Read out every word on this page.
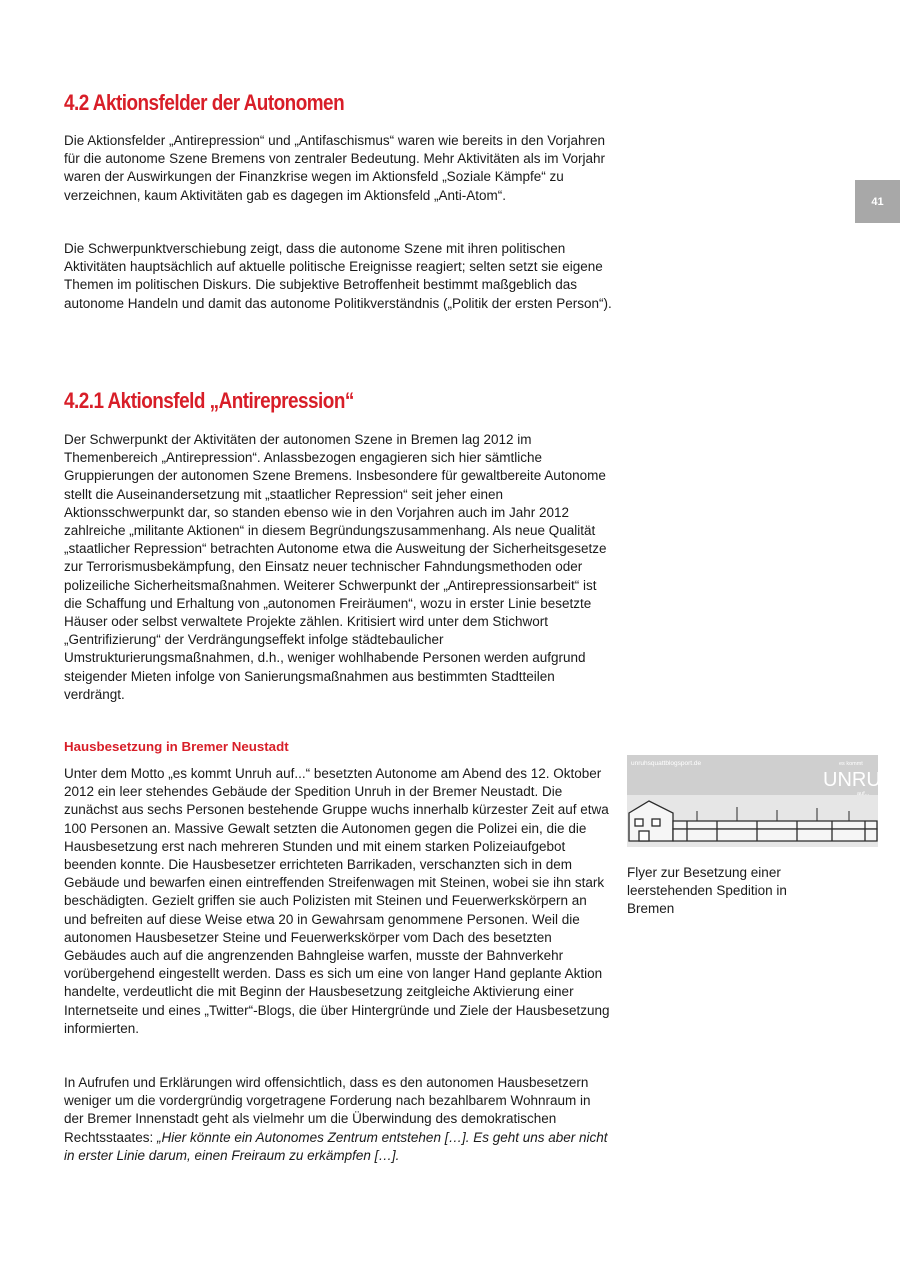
41
4.2 Aktionsfelder der Autonomen

Die Aktionsfelder „Antirepression“ und „Antifaschismus“ waren wie bereits in den Vorjahren für die autonome Szene Bremens von zentraler Bedeutung. Mehr Aktivitäten als im Vorjahr waren der Auswirkungen der Finanzkrise wegen im Aktionsfeld „Soziale Kämpfe“ zu verzeichnen, kaum Aktivitäten gab es dagegen im Aktionsfeld „Anti-Atom“.

Die Schwerpunktverschiebung zeigt, dass die autonome Szene mit ihren politischen Aktivitäten hauptsächlich auf aktuelle politische Ereignisse reagiert; selten setzt sie eigene Themen im politischen Diskurs. Die subjektive Betroffenheit bestimmt maßgeblich das autonome Handeln und damit das autonome Politikverständnis („Politik der ersten Person“).

4.2.1 Aktionsfeld „Antirepression“

Der Schwerpunkt der Aktivitäten der autonomen Szene in Bremen lag 2012 im Themenbereich „Antirepression“. Anlassbezogen engagieren sich hier sämtliche Gruppierungen der autonomen Szene Bremens. Insbesondere für gewaltbereite Autonome stellt die Auseinandersetzung mit „staatlicher Repression“ seit jeher einen Aktionsschwerpunkt dar, so standen ebenso wie in den Vorjahren auch im Jahr 2012 zahlreiche „militante Aktionen“ in diesem Begründungszusammenhang. Als neue Qualität „staatlicher Repression“ betrachten Autonome etwa die Ausweitung der Sicherheitsgesetze zur Terrorismusbekämpfung, den Einsatz neuer technischer Fahndungsmethoden oder polizeiliche Sicherheitsmaßnahmen. Weiterer Schwerpunkt der „Antirepressionsarbeit“ ist die Schaffung und Erhaltung von „autonomen Freiräumen“, wozu in erster Linie besetzte Häuser oder selbst verwaltete Projekte zählen. Kritisiert wird unter dem Stichwort „Gentrifizierung“ der Verdrängungseffekt infolge städtebaulicher Umstrukturierungsmaßnahmen, d.h., weniger wohlhabende Personen werden aufgrund steigender Mieten infolge von Sanierungsmaßnahmen aus bestimmten Stadtteilen verdrängt.

Hausbesetzung in Bremer Neustadt

Unter dem Motto „es kommt Unruh auf...“ besetzten Autonome am Abend des 12. Oktober 2012 ein leer stehendes Gebäude der Spedition Unruh in der Bremer Neustadt. Die zunächst aus sechs Personen bestehende Gruppe wuchs innerhalb kürzester Zeit auf etwa 100 Personen an. Massive Gewalt setzten die Autonomen gegen die Polizei ein, die die Hausbesetzung erst nach mehreren Stunden und mit einem starken Polizeiaufgebot beenden konnte. Die Hausbesetzer errichteten Barrikaden, verschanzten sich in dem Gebäude und bewarfen einen eintreffenden Streifenwagen mit Steinen, wobei sie ihn stark beschädigten. Gezielt griffen sie auch Polizisten mit Steinen und Feuerwerkskörpern an und befreiten auf diese Weise etwa 20 in Gewahrsam genommene Personen. Weil die autonomen Hausbesetzer Steine und Feuerwerkskörper vom Dach des besetzten Gebäudes auch auf die angrenzenden Bahngleise warfen, musste der Bahnverkehr vorübergehend eingestellt werden. Dass es sich um eine von langer Hand geplante Aktion handelte, verdeutlicht die mit Beginn der Hausbesetzung zeitgleiche Aktivierung einer Internetseite und eines „Twitter“-Blogs, die über Hintergründe und Ziele der Hausbesetzung informierten.

In Aufrufen und Erklärungen wird offensichtlich, dass es den autonomen Hausbesetzern weniger um die vordergründig vorgetragene Forderung nach bezahlbarem Wohnraum in der Bremer Innenstadt geht als vielmehr um die Überwindung des demokratischen Rechtsstaates: „Hier könnte ein Autonomes Zentrum entstehen […]. Es geht uns aber nicht in erster Linie darum, einen Freiraum zu erkämpfen […].

unruhsquattblogsport.de	es kommt
UNRUH
auf...

Flyer zur Besetzung einer leerstehenden Spedition in Bremen
